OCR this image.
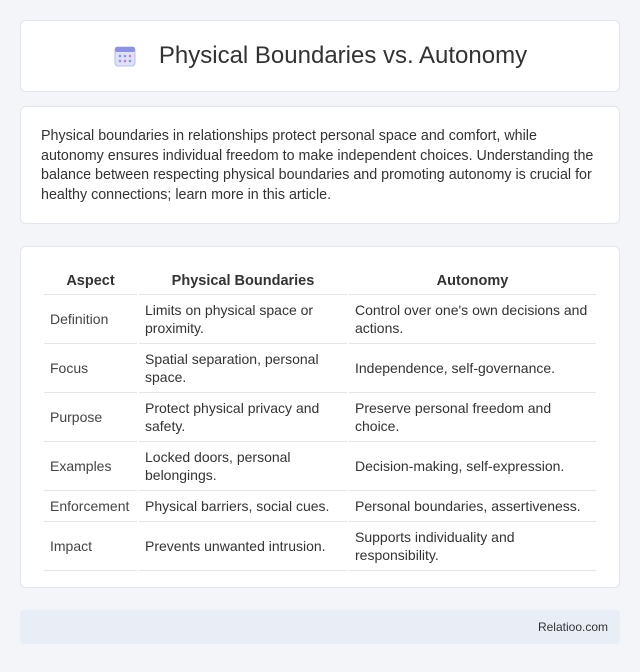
Physical Boundaries vs. Autonomy

Physical boundaries in relationships protect personal space and comfort, while autonomy ensures individual freedom to make independent choices. Understanding the balance between respecting physical boundaries and promoting autonomy is crucial for healthy connections; learn more in this article.

Aspect	Physical Boundaries	Autonomy
Definition	Limits on physical space or proximity.	Control over one's own decisions and actions.
Focus	Spatial separation, personal space.	Independence, self-governance.
Purpose	Protect physical privacy and safety.	Preserve personal freedom and choice.
Examples	Locked doors, personal belongings.	Decision-making, self-expression.
Enforcement	Physical barriers, social cues.	Personal boundaries, assertiveness.
Impact	Prevents unwanted intrusion.	Supports individuality and responsibility.
Relatioo.com
